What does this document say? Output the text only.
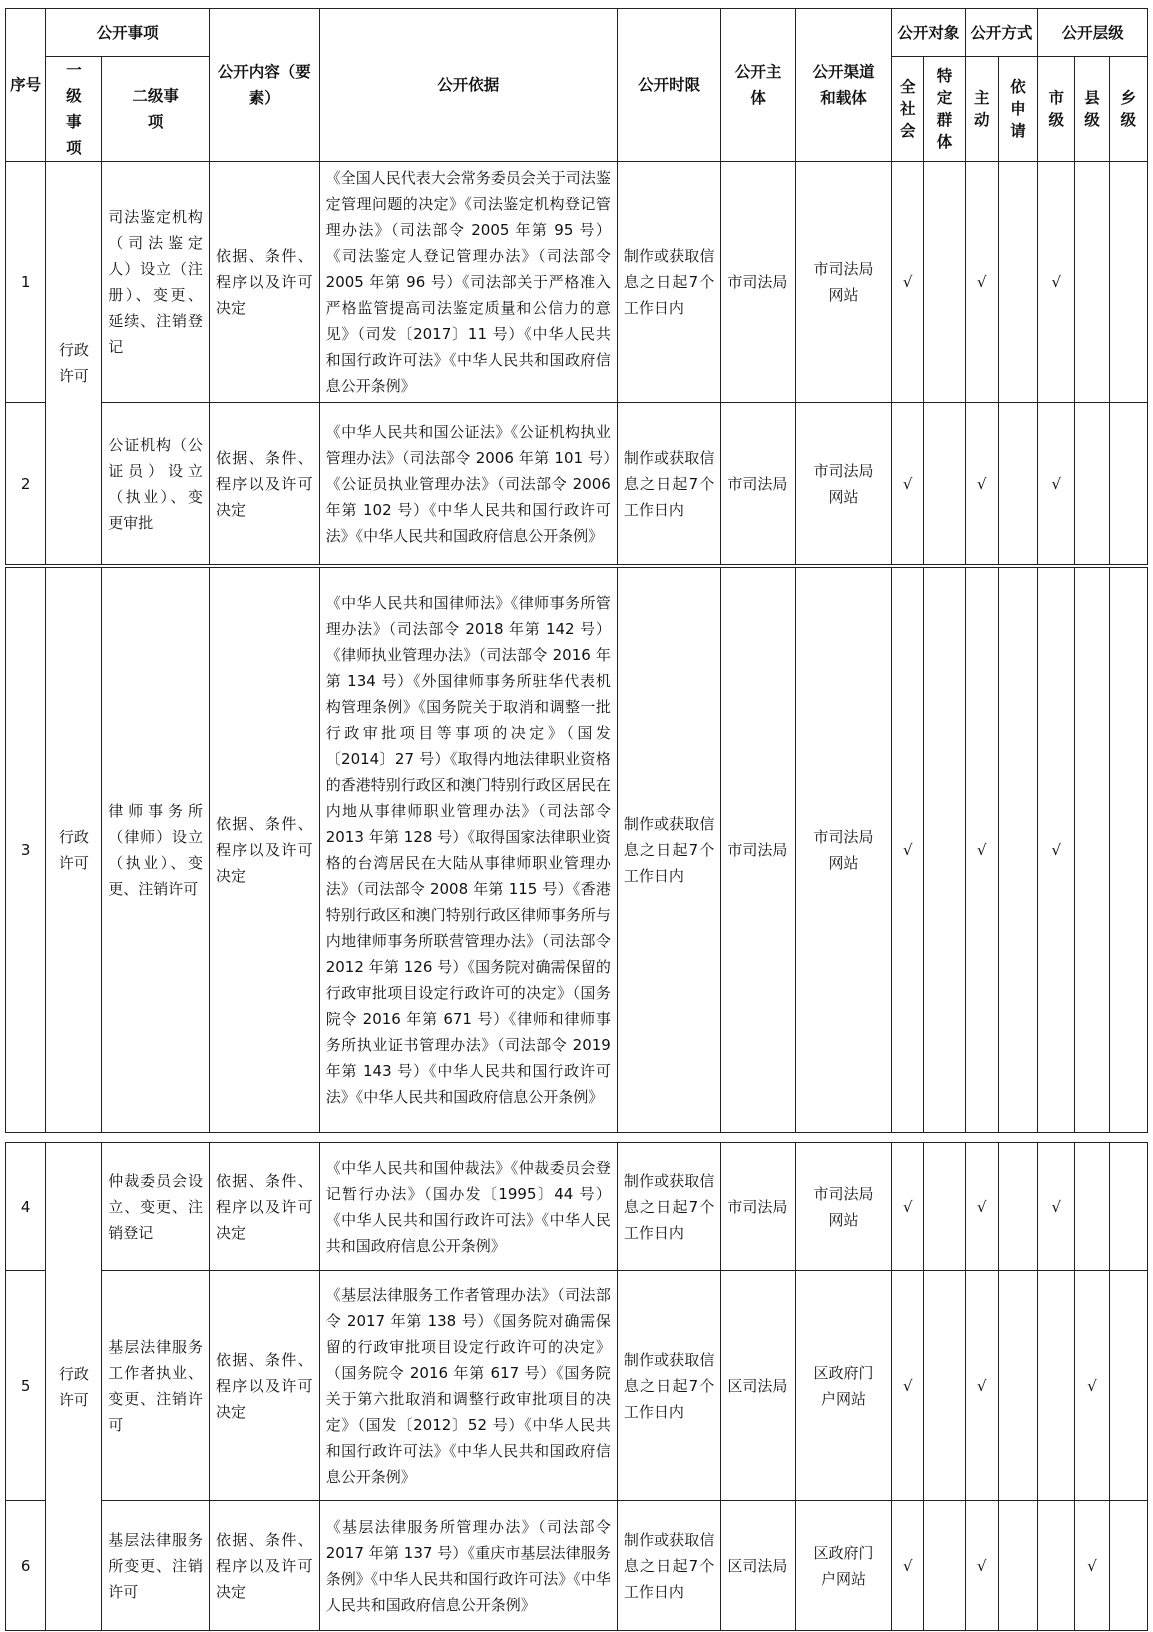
序号	公开事项		公开内容（要素）	公开依据	公开时限	公开主体	公开渠道和载体	公开对象		公开方式		公开层级		
	一级事项	二级事项						全社会	特定群体	主动	依申请	市级	县级	乡级
1	行政许可	司法鉴定机构（司法鉴定人）设立（注册）、变更、延续、注销登记	依据、条件、程序以及许可决定	《全国人民代表大会常务委员会关于司法鉴定管理问题的决定》《司法鉴定机构登记管理办法》（司法部令 2005 年第 95 号）《司法鉴定人登记管理办法》（司法部令 2005 年第 96 号）《司法部关于严格准入严格监管提高司法鉴定质量和公信力的意见》（司发〔2017〕11 号）《中华人民共和国行政许可法》《中华人民共和国政府信息公开条例》	制作或获取信息之日起7个工作日内	市司法局	市司法局网站	√		√		√		
2		公证机构（公证员）设立（执业）、变更审批	依据、条件、程序以及许可决定	《中华人民共和国公证法》《公证机构执业管理办法》（司法部令 2006 年第 101 号）《公证员执业管理办法》（司法部令 2006 年第 102 号）《中华人民共和国行政许可法》《中华人民共和国政府信息公开条例》	制作或获取信息之日起7个工作日内	市司法局	市司法局网站	√		√		√		
3	行政许可	律师事务所（律师）设立（执业）、变更、注销许可	依据、条件、程序以及许可决定	《中华人民共和国律师法》《律师事务所管理办法》（司法部令 2018 年第 142 号）《律师执业管理办法》（司法部令 2016 年第 134 号）《外国律师事务所驻华代表机构管理条例》《国务院关于取消和调整一批行政审批项目等事项的决定》（国发〔2014〕27 号）《取得内地法律职业资格的香港特别行政区和澳门特别行政区居民在内地从事律师职业管理办法》（司法部令 2013 年第 128 号）《取得国家法律职业资格的台湾居民在大陆从事律师职业管理办法》（司法部令 2008 年第 115 号）《香港特别行政区和澳门特别行政区律师事务所与内地律师事务所联营管理办法》（司法部令 2012 年第 126 号）《国务院对确需保留的行政审批项目设定行政许可的决定》（国务院令 2016 年第 671 号）《律师和律师事务所执业证书管理办法》（司法部令 2019 年第 143 号）《中华人民共和国行政许可法》《中华人民共和国政府信息公开条例》	制作或获取信息之日起7个工作日内	市司法局	市司法局网站	√		√		√		
4	行政许可	仲裁委员会设立、变更、注销登记	依据、条件、程序以及许可决定	《中华人民共和国仲裁法》《仲裁委员会登记暂行办法》（国办发〔1995〕44 号）《中华人民共和国行政许可法》《中华人民共和国政府信息公开条例》	制作或获取信息之日起7个工作日内	市司法局	市司法局网站	√		√		√		
5		基层法律服务工作者执业、变更、注销许可	依据、条件、程序以及许可决定	《基层法律服务工作者管理办法》（司法部令 2017 年第 138 号）《国务院对确需保留的行政审批项目设定行政许可的决定》（国务院令 2016 年第 617 号）《国务院关于第六批取消和调整行政审批项目的决定》（国发〔2012〕52 号）《中华人民共和国行政许可法》《中华人民共和国政府信息公开条例》	制作或获取信息之日起7个工作日内	区司法局	区政府门户网站	√		√			√	
6		基层法律服务所变更、注销许可	依据、条件、程序以及许可决定	《基层法律服务所管理办法》（司法部令 2017 年第 137 号）《重庆市基层法律服务条例》《中华人民共和国行政许可法》《中华人民共和国政府信息公开条例》	制作或获取信息之日起7个工作日内	区司法局	区政府门户网站	√		√			√	
